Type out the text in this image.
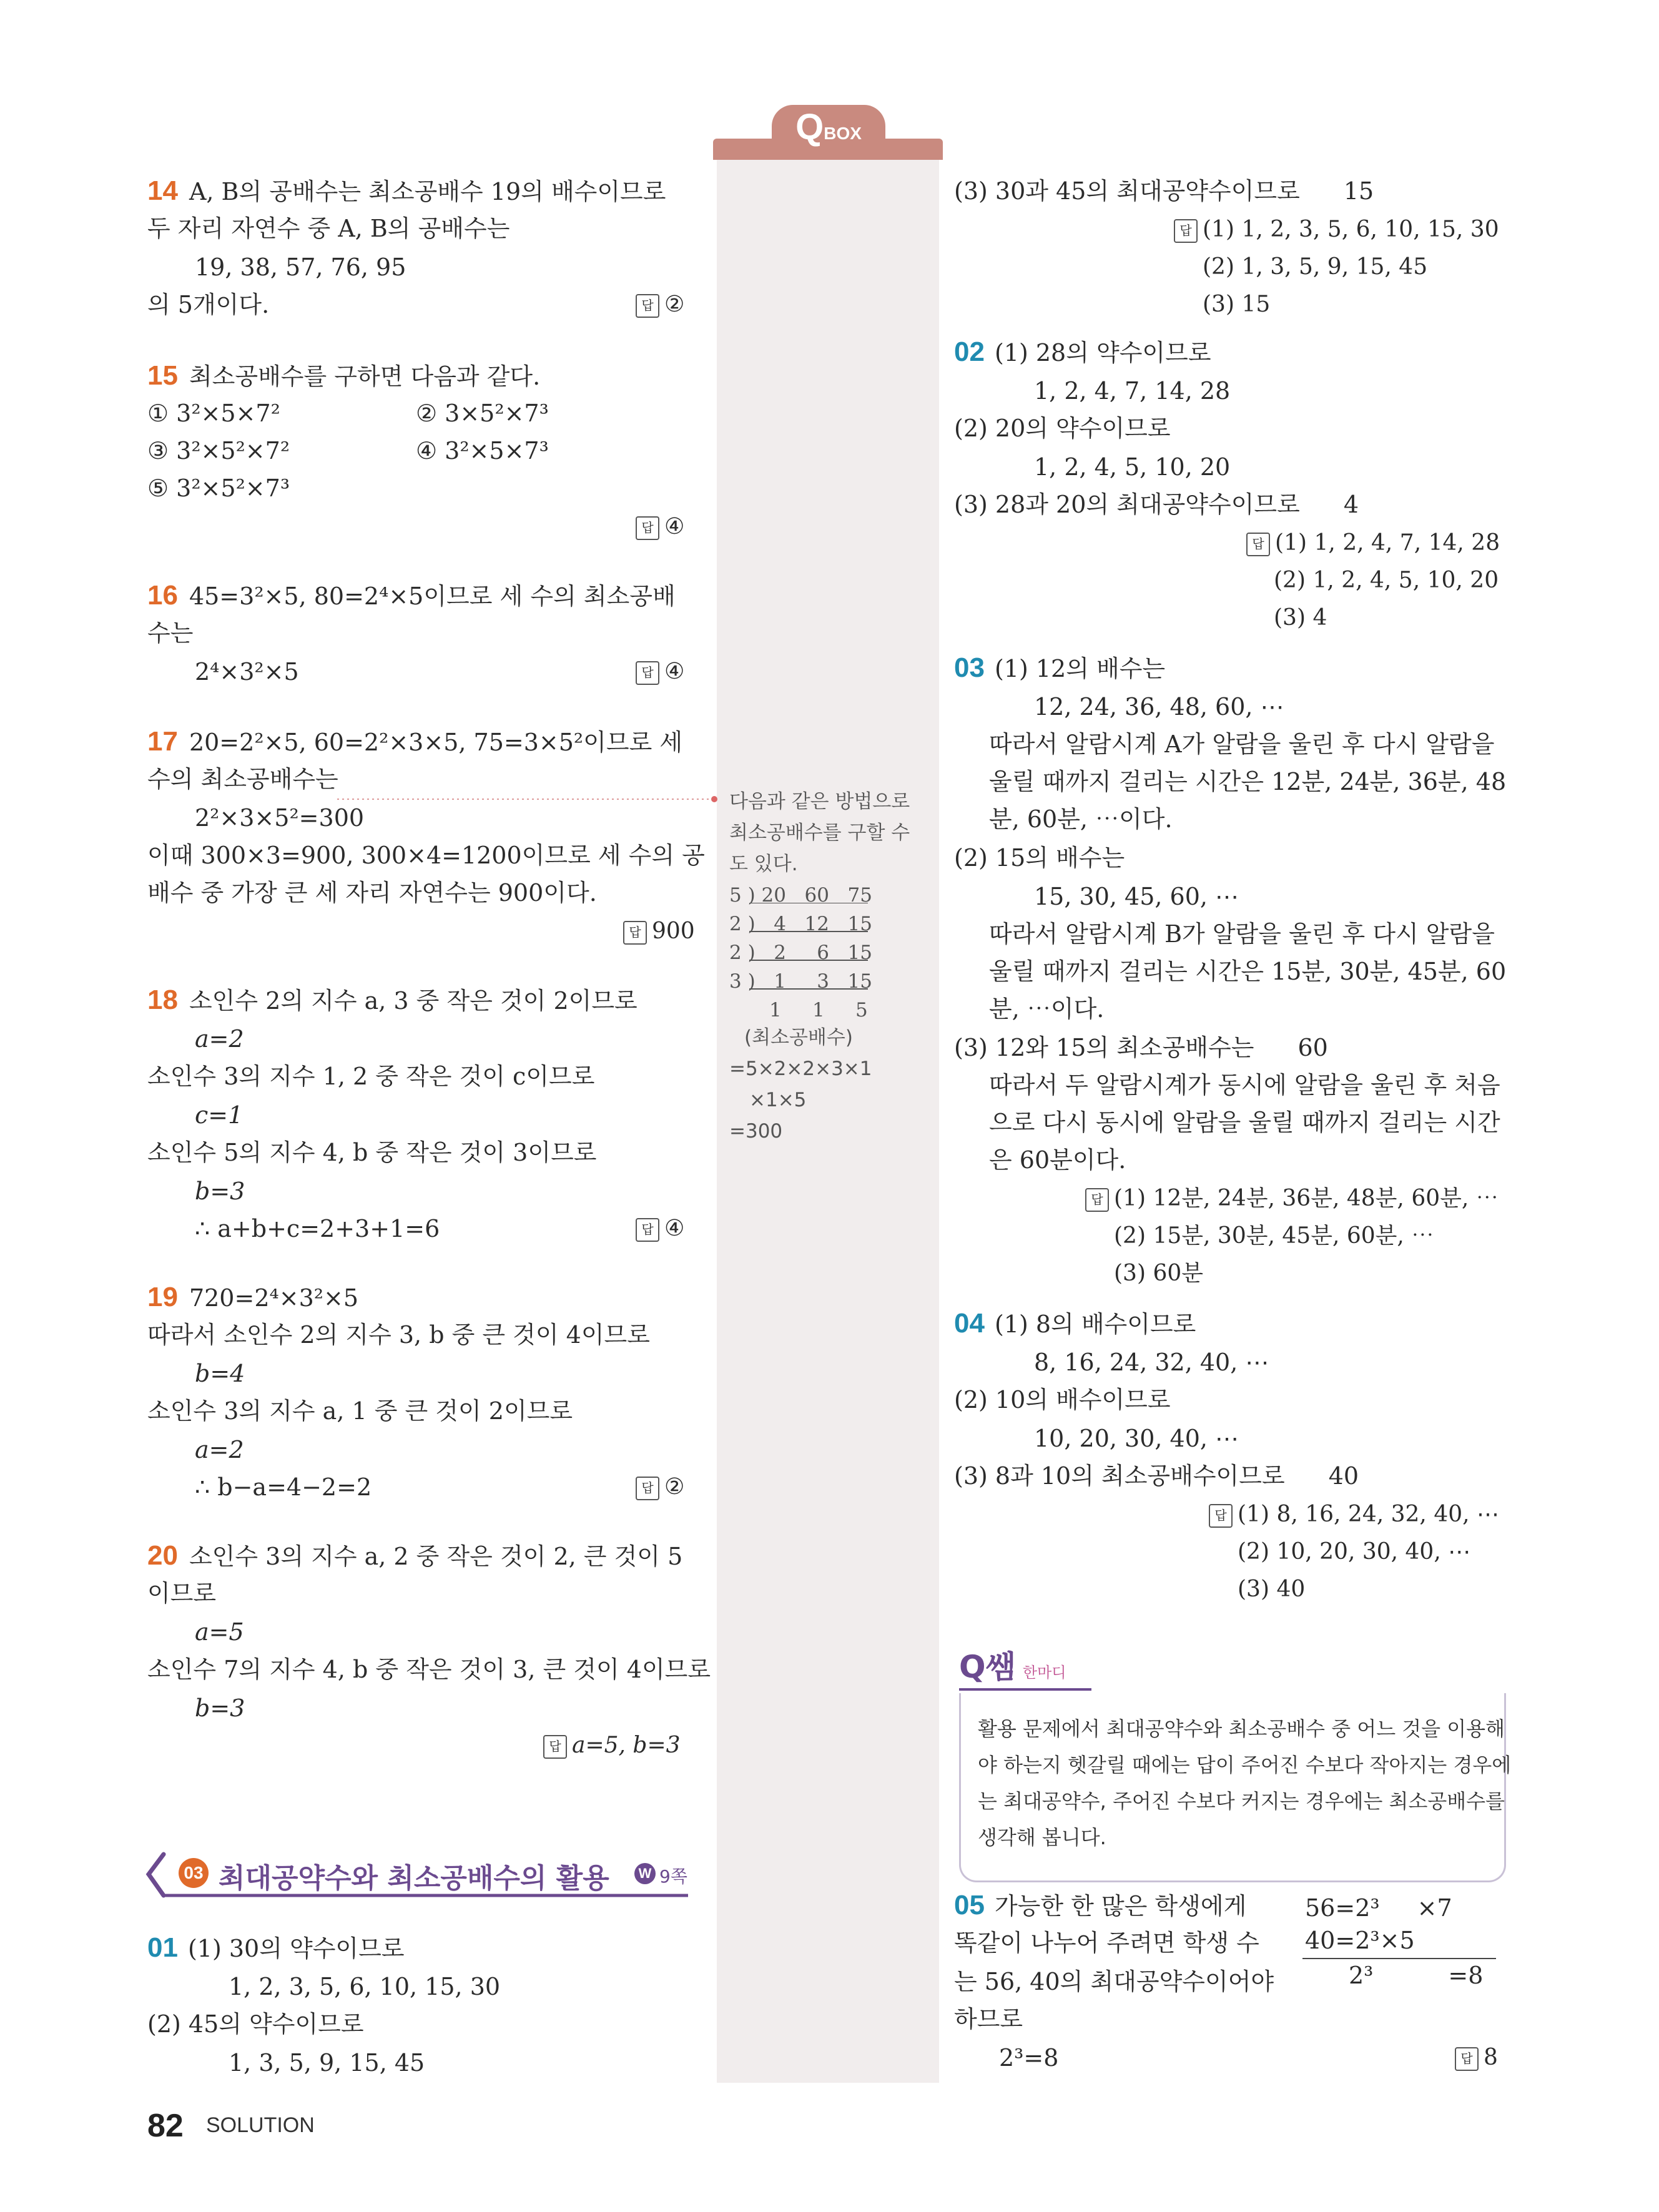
QBOX
다음과 같은 방법으로
최소공배수를 구할 수
도 있다.
5 ) 20   60   75
2 )   4   12   15
2 )   2     6   15
3 )   1     3   15
1     1     5
(최소공배수)
=5×2×2×3×1
×1×5
=300
14 A, B의 공배수는 최소공배수 19의 배수이므로
두 자리 자연수 중 A, B의 공배수는
19, 38, 57, 76, 95
의 5개이다.	답 ②
15 최소공배수를 구하면 다음과 같다.
① 3²×5×7²	② 3×5²×7³
③ 3²×5²×7²	④ 3²×5×7³
⑤ 3²×5²×7³
답 ④
16 45=3²×5, 80=2⁴×5이므로 세 수의 최소공배
수는
2⁴×3²×5	답 ④
17 20=2²×5, 60=2²×3×5, 75=3×5²이므로 세
수의 최소공배수는
2²×3×5²=300
이때 300×3=900, 300×4=1200이므로 세 수의 공
배수 중 가장 큰 세 자리 자연수는 900이다.
답 900
18 소인수 2의 지수 a, 3 중 작은 것이 2이므로
a=2
소인수 3의 지수 1, 2 중 작은 것이 c이므로
c=1
소인수 5의 지수 4, b 중 작은 것이 3이므로
b=3
∴ a+b+c=2+3+1=6	답 ④
19 720=2⁴×3²×5
따라서 소인수 2의 지수 3, b 중 큰 것이 4이므로
b=4
소인수 3의 지수 a, 1 중 큰 것이 2이므로
a=2
∴ b−a=4−2=2	답 ②
20 소인수 3의 지수 a, 2 중 작은 것이 2, 큰 것이 5
이므로
a=5
소인수 7의 지수 4, b 중 작은 것이 3, 큰 것이 4이므로
b=3
답 a=5, b=3
03 최대공약수와 최소공배수의 활용	W 9쪽
01 (1) 30의 약수이므로
1, 2, 3, 5, 6, 10, 15, 30
(2) 45의 약수이므로
1, 3, 5, 9, 15, 45
(3) 30과 45의 최대공약수이므로 15
답 (1) 1, 2, 3, 5, 6, 10, 15, 30
(2) 1, 3, 5, 9, 15, 45
(3) 15
02 (1) 28의 약수이므로
1, 2, 4, 7, 14, 28
(2) 20의 약수이므로
1, 2, 4, 5, 10, 20
(3) 28과 20의 최대공약수이므로 4
답 (1) 1, 2, 4, 7, 14, 28
(2) 1, 2, 4, 5, 10, 20
(3) 4
03 (1) 12의 배수는
12, 24, 36, 48, 60, ⋯
따라서 알람시계 A가 알람을 울린 후 다시 알람을
울릴 때까지 걸리는 시간은 12분, 24분, 36분, 48
분, 60분, ⋯이다.
(2) 15의 배수는
15, 30, 45, 60, ⋯
따라서 알람시계 B가 알람을 울린 후 다시 알람을
울릴 때까지 걸리는 시간은 15분, 30분, 45분, 60
분, ⋯이다.
(3) 12와 15의 최소공배수는 60
따라서 두 알람시계가 동시에 알람을 울린 후 처음
으로 다시 동시에 알람을 울릴 때까지 걸리는 시간
은 60분이다.
답 (1) 12분, 24분, 36분, 48분, 60분, ⋯
(2) 15분, 30분, 45분, 60분, ⋯
(3) 60분
04 (1) 8의 배수이므로
8, 16, 24, 32, 40, ⋯
(2) 10의 배수이므로
10, 20, 30, 40, ⋯
(3) 8과 10의 최소공배수이므로 40
답 (1) 8, 16, 24, 32, 40, ⋯
(2) 10, 20, 30, 40, ⋯
(3) 40
Q쌤 한마디
활용 문제에서 최대공약수와 최소공배수 중 어느 것을 이용해
야 하는지 헷갈릴 때에는 답이 주어진 수보다 작아지는 경우에
는 최대공약수, 주어진 수보다 커지는 경우에는 최소공배수를
생각해 봅니다.
05 가능한 한 많은 학생에게
똑같이 나누어 주려면 학생 수
는 56, 40의 최대공약수이어야
하므로
2³=8
56=2³ ×7
40=2³×5
2³	=8
답 8
82 SOLUTION
